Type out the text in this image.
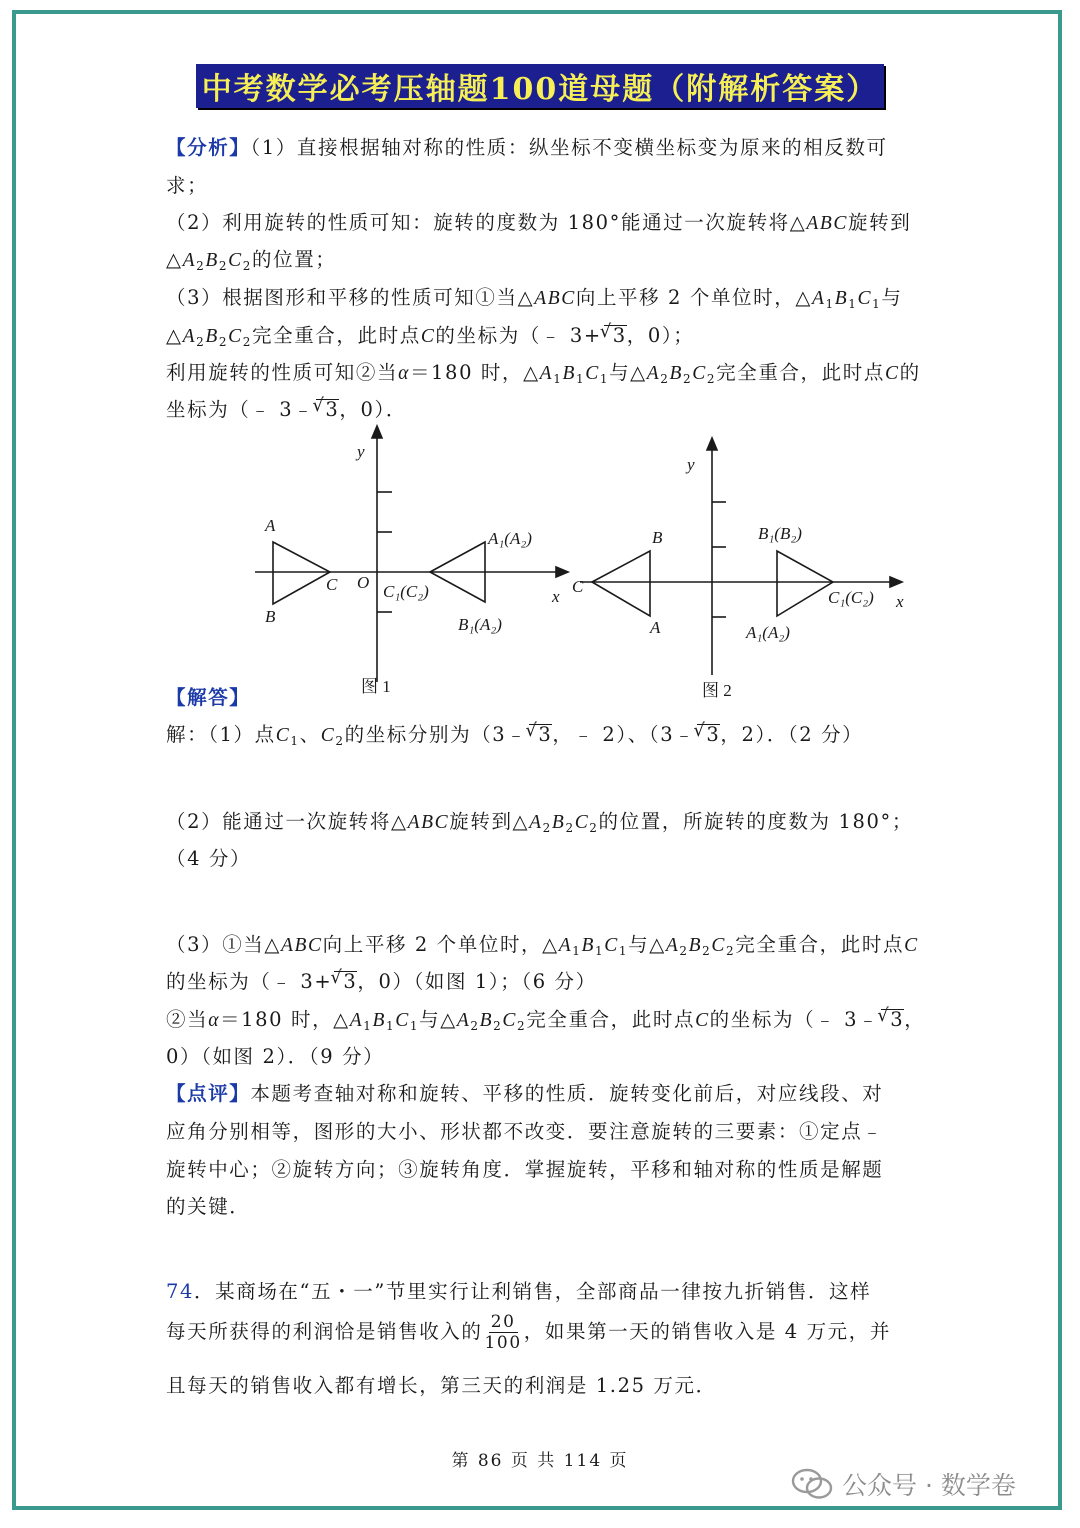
中考数学必考压轴题100道母题（附解析答案）
【分析】（1）直接根据轴对称的性质：纵坐标不变横坐标变为原来的相反数可
求；
（2）利用旋转的性质可知：旋转的度数为 180°能通过一次旋转将△ABC旋转到
$\triangle A_2B_2C_2$的位置；
（3）根据图形和平移的性质可知①当△ABC向上平移 2 个单位时，$\triangle A_1B_1C_1$与
$\triangle A_2B_2C_2$完全重合，此时点C的坐标为（﹣ 3+ √ 3，0）；
利用旋转的性质可知②当α＝180 时，$\triangle A_1B_1C_1$与$\triangle A_2B_2C_2$完全重合，此时点C的
坐标为（﹣ 3﹣ √ 3，0）．
y
A
B
C O C₁(C₂)
A₁(A₂)
B₁(A₂)
x
图 1
y
B
A
C
B₁(B₂)
C₁(C₂)
A₁(A₂)
x
图 2
【解答】
解：（1）点$C_1$、$C_2$的坐标分别为（3﹣ √ 3，﹣ 2）、（3﹣ √ 3，2）．（2 分）
（2）能通过一次旋转将△ABC旋转到$\triangle A_2B_2C_2$的位置，所旋转的度数为 180°；
（4 分）
（3）①当△ABC向上平移 2 个单位时，$\triangle A_1B_1C_1$与$\triangle A_2B_2C_2$完全重合，此时点C
的坐标为（﹣ 3+ √ 3，0）（如图 1）；（6 分）
②当α＝180 时，$\triangle A_1B_1C_1$与$\triangle A_2B_2C_2$完全重合，此时点C的坐标为（﹣ 3﹣ √ 3，
0）（如图 2）．（9 分）
【点评】本题考查轴对称和旋转、平移的性质．旋转变化前后，对应线段、对
应角分别相等，图形的大小、形状都不改变．要注意旋转的三要素：①定点﹣
旋转中心；②旋转方向；③旋转角度．掌握旋转，平移和轴对称的性质是解题
的关键．
74．某商场在“五・一”节里实行让利销售，全部商品一律按九折销售．这样
每天所获得的利润恰是销售收入的 $\frac{20}{100}$ ，如果第一天的销售收入是 4 万元，并
且每天的销售收入都有增长，第三天的利润是 1.25 万元．
第 86 页 共 114 页
公众号 · 数学卷
